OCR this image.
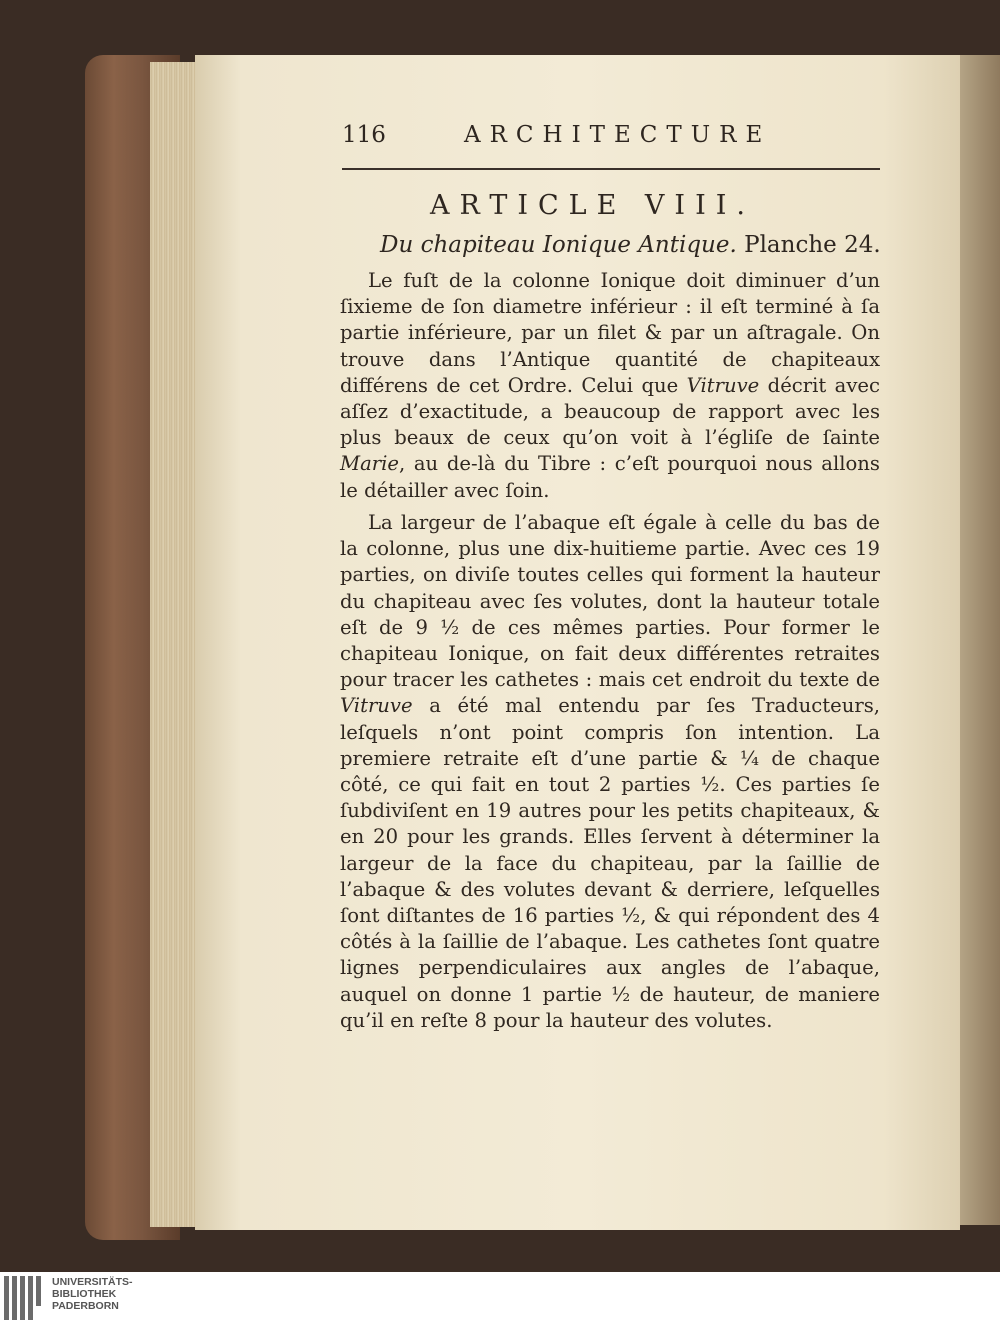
116	ARCHITECTURE
ARTICLE VIII.
Du chapiteau Ionique Antique. Planche 24.
Le fuſt de la colonne Ionique doit diminuer d’un ſixieme de ſon diametre inférieur : il eſt terminé à ſa partie inférieure, par un filet & par un aſtragale. On trouve dans l’Antique quantité de chapiteaux différens de cet Ordre. Celui que Vitruve décrit avec aſſez d’exactitude, a beaucoup de rapport avec les plus beaux de ceux qu’on voit à l’égliſe de ſainte Marie, au de-là du Tibre : c’eſt pourquoi nous allons le détailler avec ſoin.
La largeur de l’abaque eſt égale à celle du bas de la colonne, plus une dix-huitieme partie. Avec ces 19 parties, on diviſe toutes celles qui forment la hauteur du chapiteau avec ſes volutes, dont la hauteur totale eſt de 9 ½ de ces mêmes parties. Pour former le chapiteau Ionique, on fait deux différentes retraites pour tracer les cathetes : mais cet endroit du texte de Vitruve a été mal entendu par ſes Traducteurs, leſquels n’ont point compris ſon intention. La premiere retraite eſt d’une partie & ¼ de chaque côté, ce qui fait en tout 2 parties ½. Ces parties ſe ſubdiviſent en 19 autres pour les petits chapiteaux, & en 20 pour les grands. Elles ſervent à déterminer la largeur de la face du chapiteau, par la ſaillie de l’abaque & des volutes devant & derriere, leſquelles ſont diſtantes de 16 parties ½, & qui répondent des 4 côtés à la ſaillie de l’abaque. Les cathetes ſont quatre lignes perpendiculaires aux angles de l’abaque, auquel on donne 1 partie ½ de hauteur, de maniere qu’il en reſte 8 pour la hauteur des volutes.
UNIVERSITÄTS-
BIBLIOTHEK
PADERBORN
